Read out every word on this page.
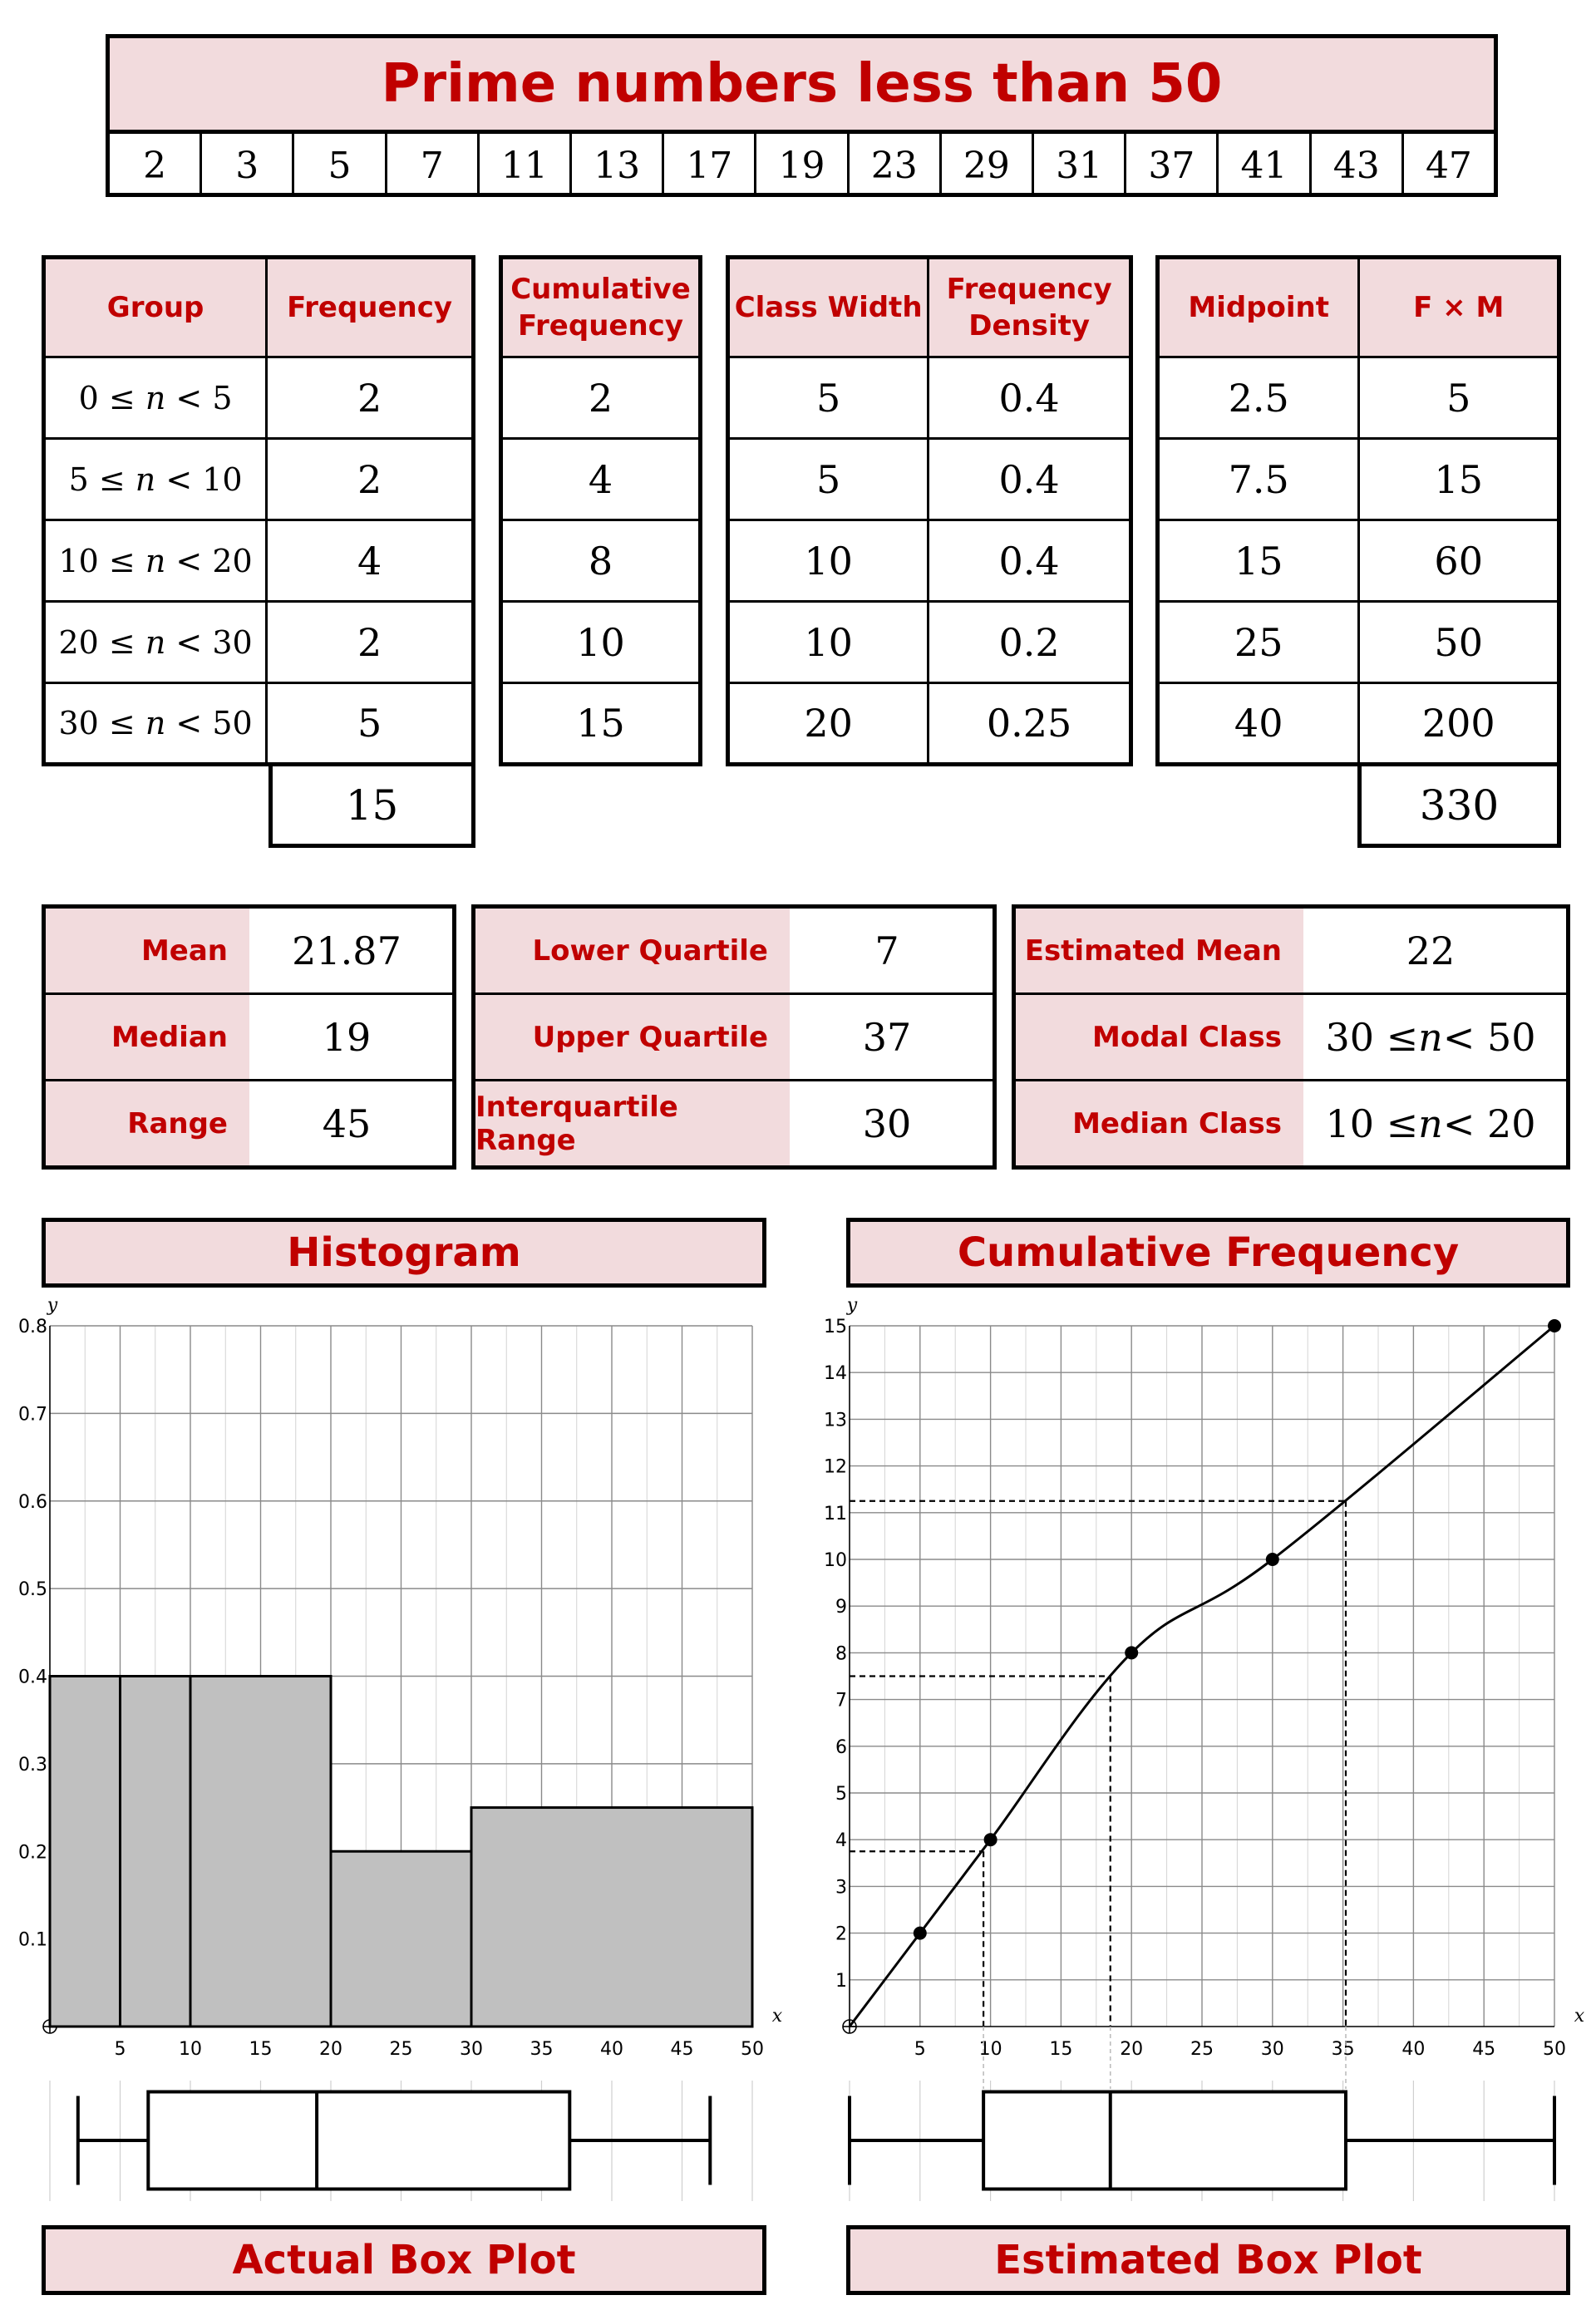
Prime numbers less than 50
2	3	5	7	11	13	17	19	23	29	31	37	41	43	47
Group	Frequency
0 ≤ n < 5	2
5 ≤ n < 10	2
10 ≤ n < 20	4
20 ≤ n < 30	2
30 ≤ n < 50	5
15
Cumulative Frequency
2
4
8
10
15
Class Width	Frequency Density
5	0.4
5	0.4
10	0.4
10	0.2
20	0.25
Midpoint	F × M
2.5	5
7.5	15
15	60
25	50
40	200
330
Mean	21.87
Median	19
Range	45
Lower Quartile	7
Upper Quartile	37
Interquartile Range	30
Estimated Mean	22
Modal Class	30 ≤ n < 50
Median Class	10 ≤ n < 20
Histogram	Cumulative Frequency
Actual Box Plot	Estimated Box Plot
5	10	15	20	25	30	35	40	45	50
0.1
0.2
0.3
0.4
0.5
0.6
0.7
0.8
y
x
5	10	15	20	25	30	35	40	45	50
1
2
3
4
5
6
7
8
9
10
11
12
13
14
15
y
x
